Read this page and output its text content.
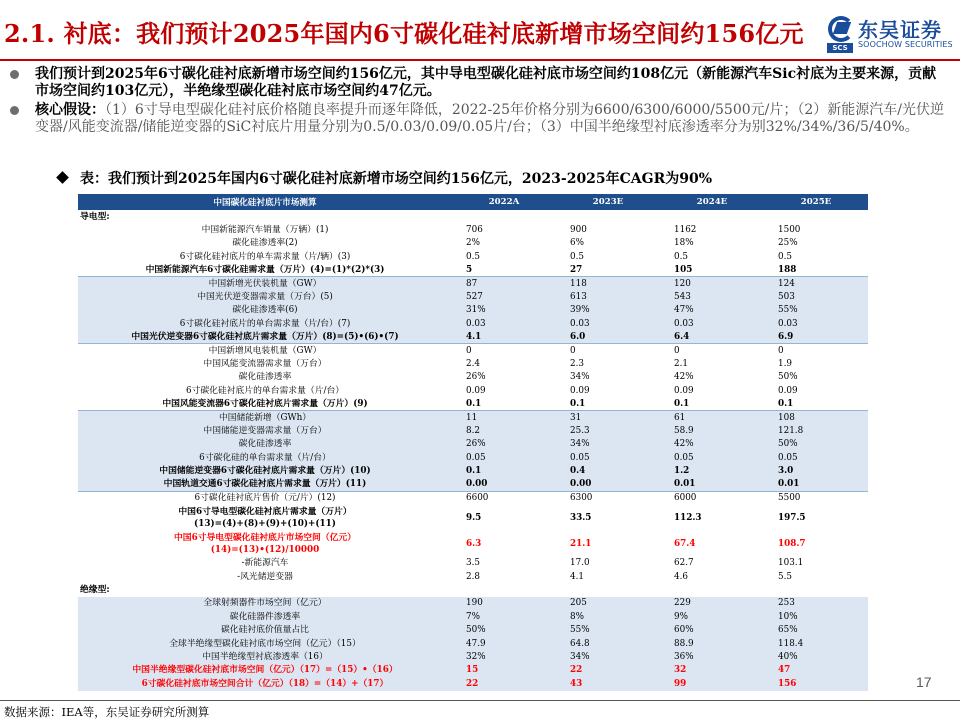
2.1. 衬底：我们预计2025年国内6寸碳化硅衬底新增市场空间约156亿元	SCS
东吴证券
SOOCHOW SECURITIES
我们预计到2025年6寸碳化硅衬底新增市场空间约156亿元，其中导电型碳化硅衬底市场空间约108亿元（新能源汽车Sic衬底为主要来源，贡献市场空间约103亿元），半绝缘型碳化硅衬底市场空间约47亿元。
核心假设：（1）6寸导电型碳化硅衬底价格随良率提升而逐年降低，2022-25年价格分别为6600/6300/6000/5500元/片；（2）新能源汽车/光伏逆变器/风能变流器/储能逆变器的SiC衬底片用量分别为0.5/0.03/0.09/0.05片/台；（3）中国半绝缘型衬底渗透率分为别32%/34%/36/5/40%。
表：我们预计到2025年国内6寸碳化硅衬底新增市场空间约156亿元，2023-2025年CAGR为90%
中国碳化硅衬底片市场测算	2022A	2023E	2024E	2025E
导电型:				
中国新能源汽车销量（万辆）(1)	706	900	1162	1500
碳化硅渗透率(2)	2%	6%	18%	25%
6寸碳化硅衬底片的单车需求量（片/辆）(3)	0.5	0.5	0.5	0.5
中国新能源汽车6寸碳化硅需求量（万片）(4)=(1)*(2)*(3)	5	27	105	188
中国新增光伏装机量（GW）	87	118	120	124
中国光伏逆变器需求量（万台）(5)	527	613	543	503
碳化硅渗透率(6)	31%	39%	47%	55%
6寸碳化硅衬底片的单台需求量（片/台）(7)	0.03	0.03	0.03	0.03
中国光伏逆变器6寸碳化硅衬底片需求量（万片）(8)=(5)•(6)•(7)	4.1	6.0	6.4	6.9
中国新增风电装机量（GW）	0	0	0	0
中国风能变流器需求量（万台）	2.4	2.3	2.1	1.9
碳化硅渗透率	26%	34%	42%	50%
6寸碳化硅衬底片的单台需求量（片/台）	0.09	0.09	0.09	0.09
中国风能变流器6寸碳化硅衬底片需求量（万片）(9)	0.1	0.1	0.1	0.1
中国储能新增（GWh）	11	31	61	108
中国储能逆变器需求量（万台）	8.2	25.3	58.9	121.8
碳化硅渗透率	26%	34%	42%	50%
6寸碳化硅的单台需求量（片/台）	0.05	0.05	0.05	0.05
中国储能逆变器6寸碳化硅衬底片需求量（万片）(10)	0.1	0.4	1.2	3.0
中国轨道交通6寸碳化硅衬底片需求量（万片）(11)	0.00	0.00	0.01	0.01
6寸碳化硅衬底片售价（元/片）(12)	6600	6300	6000	5500
中国6寸导电型碳化硅衬底片需求量（万片）
(13)=(4)+(8)+(9)+(10)+(11)	9.5	33.5	112.3	197.5
中国6寸导电型碳化硅衬底片市场空间（亿元）
(14)=(13)•(12)/10000	6.3	21.1	67.4	108.7
-新能源汽车	3.5	17.0	62.7	103.1
-风光储逆变器	2.8	4.1	4.6	5.5
绝缘型:				
全球射频器件市场空间（亿元）	190	205	229	253
碳化硅器件渗透率	7%	8%	9%	10%
碳化硅衬底价值量占比	50%	55%	60%	65%
全球半绝缘型碳化硅衬底市场空间（亿元）（15）	47.9	64.8	88.9	118.4
中国半绝缘型衬底渗透率（16）	32%	34%	36%	40%
中国半绝缘型碳化硅衬底市场空间（亿元）（17）=（15）•（16）	15	22	32	47
6寸碳化硅衬底市场空间合计（亿元）（18）=（14）+（17）	22	43	99	156	17
数据来源：IEA等，东吴证券研究所测算
